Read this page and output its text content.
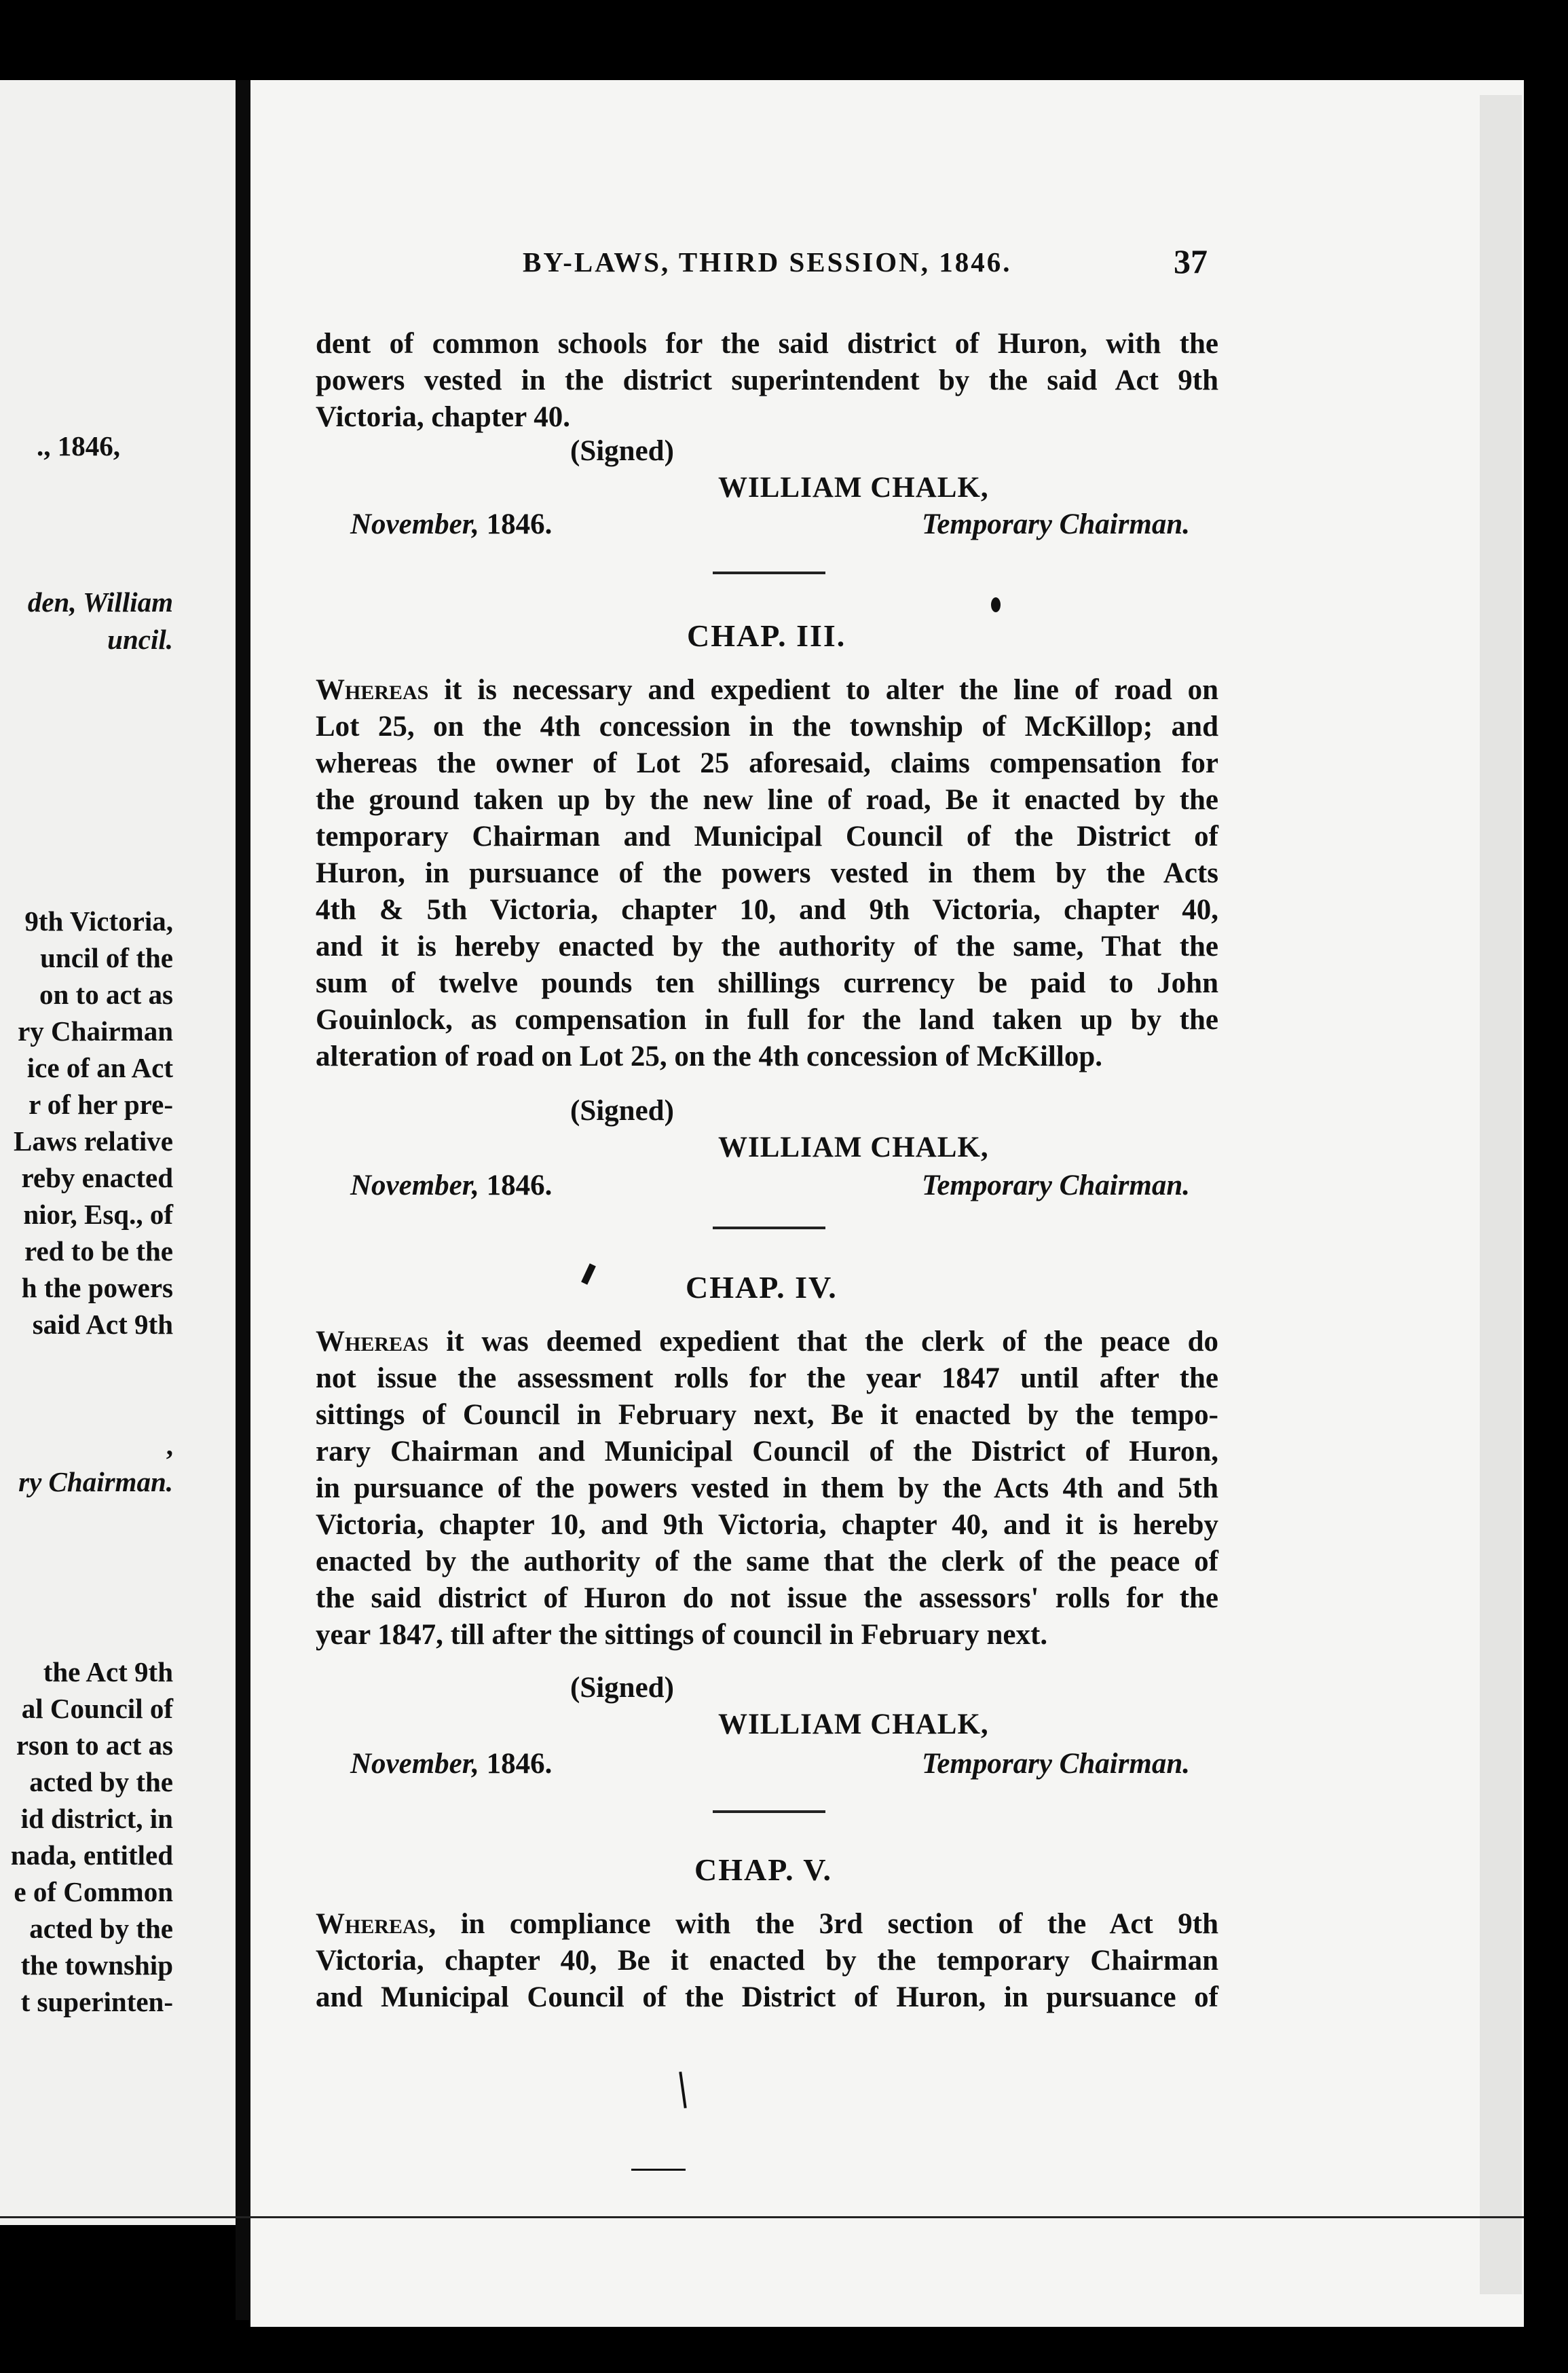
., 1846,
den, William
uncil.
9th Victoria,
uncil of the
on to act as
ry Chairman
ice of an Act
r of her pre-
Laws relative
reby enacted
nior, Esq., of
red to be the
h the powers
said Act 9th
,
ry Chairman.
the Act 9th
al Council of
rson to act as
acted by the
id district, in
nada, entitled
e of Common
acted by the
the township
t superinten-
BY-LAWS, THIRD SESSION, 1846.	37
dent of common schools for the said district of Huron, with the
powers vested in the district superintendent by the said Act 9th
Victoria, chapter 40.
(Signed)
WILLIAM CHALK,
November, 1846.	Temporary Chairman.
CHAP. III.
Whereas it is necessary and expedient to alter the line of road on
Lot 25, on the 4th concession in the township of McKillop; and
whereas the owner of Lot 25 aforesaid, claims compensation for
the ground taken up by the new line of road, Be it enacted by the
temporary Chairman and Municipal Council of the District of
Huron, in pursuance of the powers vested in them by the Acts
4th & 5th Victoria, chapter 10, and 9th Victoria, chapter 40,
and it is hereby enacted by the authority of the same, That the
sum of twelve pounds ten shillings currency be paid to John
Gouinlock, as compensation in full for the land taken up by the
alteration of road on Lot 25, on the 4th concession of McKillop.
(Signed)
WILLIAM CHALK,
November, 1846.	Temporary Chairman.
CHAP. IV.
Whereas it was deemed expedient that the clerk of the peace do
not issue the assessment rolls for the year 1847 until after the
sittings of Council in February next, Be it enacted by the tempo-
rary Chairman and Municipal Council of the District of Huron,
in pursuance of the powers vested in them by the Acts 4th and 5th
Victoria, chapter 10, and 9th Victoria, chapter 40, and it is hereby
enacted by the authority of the same that the clerk of the peace of
the said district of Huron do not issue the assessors' rolls for the
year 1847, till after the sittings of council in February next.
(Signed)
WILLIAM CHALK,
November, 1846.	Temporary Chairman.
CHAP. V.
Whereas, in compliance with the 3rd section of the Act 9th
Victoria, chapter 40, Be it enacted by the temporary Chairman
and Municipal Council of the District of Huron, in pursuance of
